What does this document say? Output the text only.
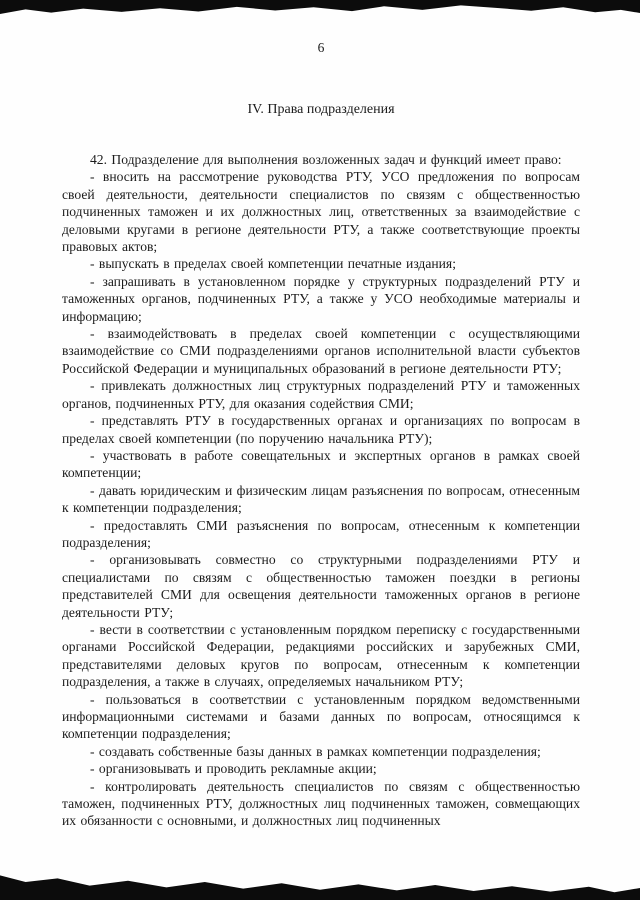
6
IV. Права подразделения

42. Подразделение для выполнения возложенных задач и функций имеет право:

- вносить на рассмотрение руководства РТУ, УСО предложения по вопросам своей деятельности, деятельности специалистов по связям с общественностью подчиненных таможен и их должностных лиц, ответственных за взаимодействие с деловыми кругами в регионе деятельности РТУ, а также соответствующие проекты правовых актов;

- выпускать в пределах своей компетенции печатные издания;

- запрашивать в установленном порядке у структурных подразделений РТУ и таможенных органов, подчиненных РТУ, а также у УСО необходимые материалы и информацию;

- взаимодействовать в пределах своей компетенции с осуществляющими взаимодействие со СМИ подразделениями органов исполнительной власти субъектов Российской Федерации и муниципальных образований в регионе деятельности РТУ;

- привлекать должностных лиц структурных подразделений РТУ и таможенных органов, подчиненных РТУ, для оказания содействия СМИ;

- представлять РТУ в государственных органах и организациях по вопросам в пределах своей компетенции (по поручению начальника РТУ);

- участвовать в работе совещательных и экспертных органов в рамках своей компетенции;

- давать юридическим и физическим лицам разъяснения по вопросам, отнесенным к компетенции подразделения;

- предоставлять СМИ разъяснения по вопросам, отнесенным к компетенции подразделения;

- организовывать совместно со структурными подразделениями РТУ и специалистами по связям с общественностью таможен поездки в регионы представителей СМИ для освещения деятельности таможенных органов в регионе деятельности РТУ;

- вести в соответствии с установленным порядком переписку с государственными органами Российской Федерации, редакциями российских и зарубежных СМИ, представителями деловых кругов по вопросам, отнесенным к компетенции подразделения, а также в случаях, определяемых начальником РТУ;

- пользоваться в соответствии с установленным порядком ведомственными информационными системами и базами данных по вопросам, относящимся к компетенции подразделения;

- создавать собственные базы данных в рамках компетенции подразделения;

- организовывать и проводить рекламные акции;

- контролировать деятельность специалистов по связям с общественностью таможен, подчиненных РТУ, должностных лиц подчиненных таможен, совмещающих их обязанности с основными, и должностных лиц подчиненных
